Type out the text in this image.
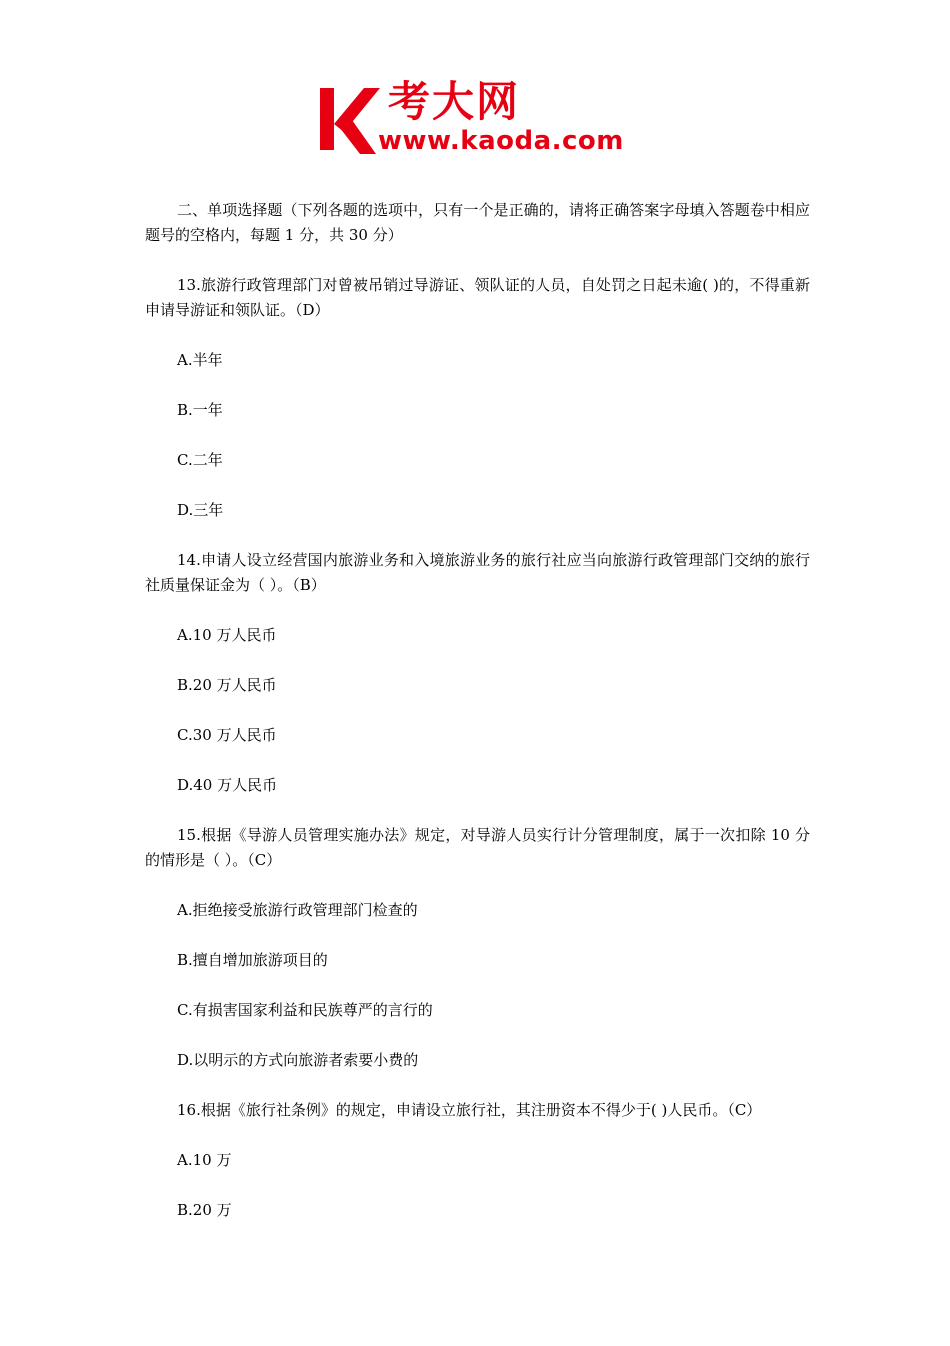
考大网
www.kaoda.com

二、单项选择题（下列各题的选项中，只有一个是正确的，请将正确答案字母填入答题卷中相应题号的空格内，每题 1 分，共 30 分）

13.旅游行政管理部门对曾被吊销过导游证、领队证的人员，自处罚之日起未逾( )的，不得重新申请导游证和领队证。（D）

A.半年

B.一年

C.二年

D.三年

14.申请人设立经营国内旅游业务和入境旅游业务的旅行社应当向旅游行政管理部门交纳的旅行社质量保证金为（ ）。（B）

A.10 万人民币

B.20 万人民币

C.30 万人民币

D.40 万人民币

15.根据《导游人员管理实施办法》规定，对导游人员实行计分管理制度，属于一次扣除 10 分的情形是（ ）。（C）

A.拒绝接受旅游行政管理部门检查的

B.擅自增加旅游项目的

C.有损害国家利益和民族尊严的言行的

D.以明示的方式向旅游者索要小费的

16.根据《旅行社条例》的规定，申请设立旅行社，其注册资本不得少于( )人民币。（C）

A.10 万

B.20 万
